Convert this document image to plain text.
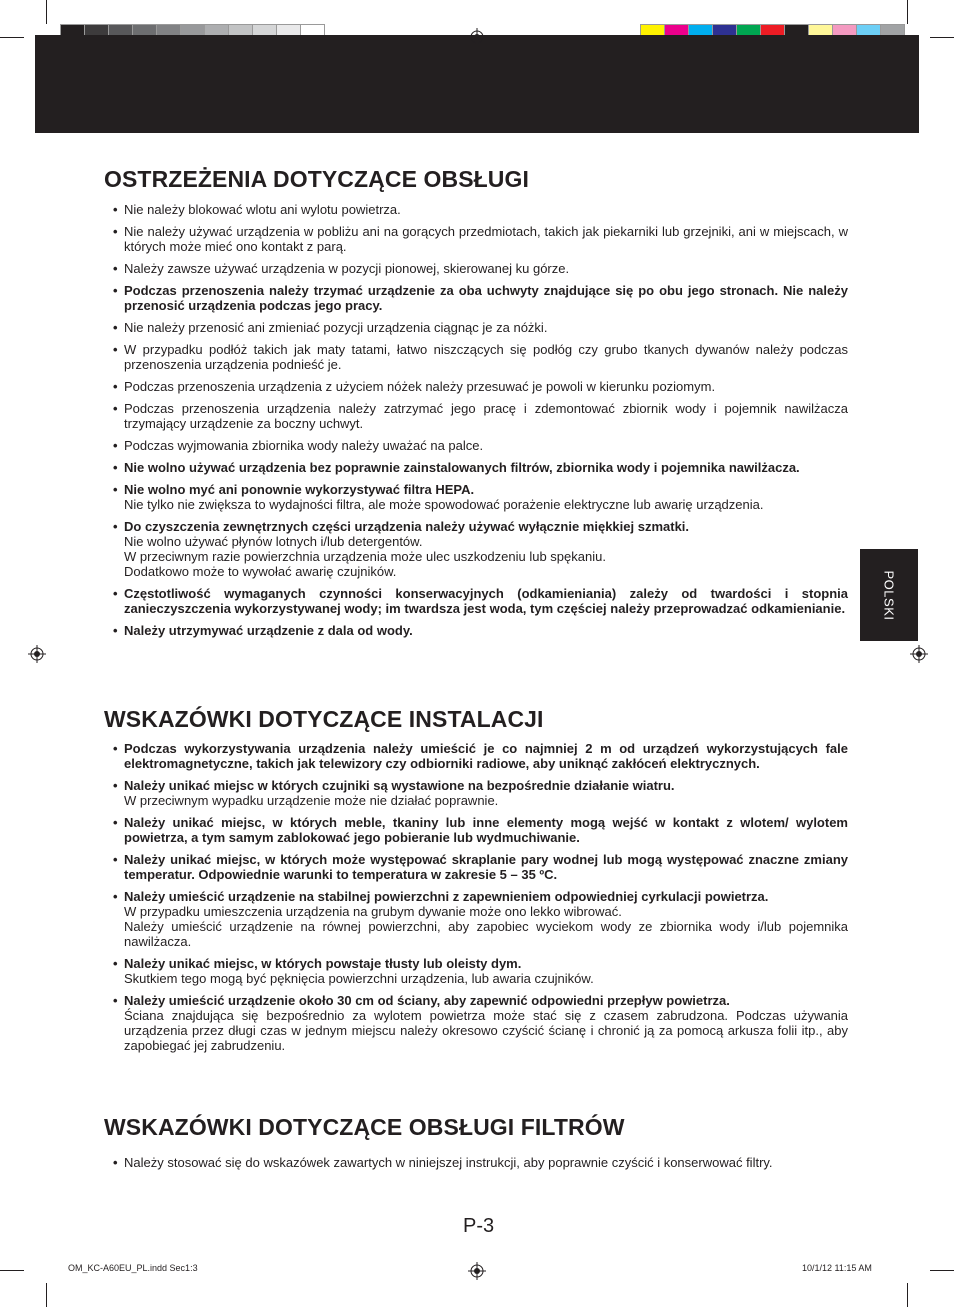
POLSKI
OSTRZEŻENIA DOTYCZĄCE OBSŁUGI
• Nie należy blokować wlotu ani wylotu powietrza.
• Nie należy używać urządzenia w pobliżu ani na gorących przedmiotach, takich jak piekarniki lub grzejniki, ani w miejscach, w których może mieć ono kontakt z parą.
• Należy zawsze używać urządzenia w pozycji pionowej, skierowanej ku górze.
• Podczas przenoszenia należy trzymać urządzenie za oba uchwyty znajdujące się po obu jego stronach. Nie należy przenosić urządzenia podczas jego pracy.
• Nie należy przenosić ani zmieniać pozycji urządzenia ciągnąc je za nóżki.
• W przypadku podłóż takich jak maty tatami, łatwo niszczących się podłóg czy grubo tkanych dywanów należy podczas przenoszenia urządzenia podnieść je.
• Podczas przenoszenia urządzenia z użyciem nóżek należy przesuwać je powoli w kierunku poziomym.
• Podczas przenoszenia urządzenia należy zatrzymać jego pracę i zdemontować zbiornik wody i pojemnik nawilżacza trzymający urządzenie za boczny uchwyt.
• Podczas wyjmowania zbiornika wody należy uważać na palce.
• Nie wolno używać urządzenia bez poprawnie zainstalowanych filtrów, zbiornika wody i pojemnika nawilżacza.
• Nie wolno myć ani ponownie wykorzystywać filtra HEPA.
Nie tylko nie zwiększa to wydajności filtra, ale może spowodować porażenie elektryczne lub awarię urządzenia.
• Do czyszczenia zewnętrznych części urządzenia należy używać wyłącznie miękkiej szmatki.
Nie wolno używać płynów lotnych i/lub detergentów.
W przeciwnym razie powierzchnia urządzenia może ulec uszkodzeniu lub spękaniu.
Dodatkowo może to wywołać awarię czujników.
• Częstotliwość wymaganych czynności konserwacyjnych (odkamieniania) zależy od twardości i stopnia zanieczyszczenia wykorzystywanej wody; im twardsza jest woda, tym częściej należy przeprowadzać odkamienianie.
• Należy utrzymywać urządzenie z dala od wody.
WSKAZÓWKI DOTYCZĄCE INSTALACJI
• Podczas wykorzystywania urządzenia należy umieścić je co najmniej 2 m od urządzeń wykorzystujących fale elektromagnetyczne, takich jak telewizory czy odbiorniki radiowe, aby uniknąć zakłóceń elektrycznych.
• Należy unikać miejsc w których czujniki są wystawione na bezpośrednie działanie wiatru.
W przeciwnym wypadku urządzenie może nie działać poprawnie.
• Należy unikać miejsc, w których meble, tkaniny lub inne elementy mogą wejść w kontakt z wlotem/ wylotem powietrza, a tym samym zablokować jego pobieranie lub wydmuchiwanie.
• Należy unikać miejsc, w których może występować skraplanie pary wodnej lub mogą występować znaczne zmiany temperatur. Odpowiednie warunki to temperatura w zakresie 5 – 35 ºC.
• Należy umieścić urządzenie na stabilnej powierzchni z zapewnieniem odpowiedniej cyrkulacji powietrza.
W przypadku umieszczenia urządzenia na grubym dywanie może ono lekko wibrować.
Należy umieścić urządzenie na równej powierzchni, aby zapobiec wyciekom wody ze zbiornika wody i/lub pojemnika nawilżacza.
• Należy unikać miejsc, w których powstaje tłusty lub oleisty dym.
Skutkiem tego mogą być pęknięcia powierzchni urządzenia, lub awaria czujników.
• Należy umieścić urządzenie około 30 cm od ściany, aby zapewnić odpowiedni przepływ powietrza.
Ściana znajdująca się bezpośrednio za wylotem powietrza może stać się z czasem zabrudzona. Podczas używania urządzenia przez długi czas w jednym miejscu należy okresowo czyścić ścianę i chronić ją za pomocą arkusza folii itp., aby zapobiegać jej zabrudzeniu.
WSKAZÓWKI DOTYCZĄCE OBSŁUGI FILTRÓW
• Należy stosować się do wskazówek zawartych w niniejszej instrukcji, aby poprawnie czyścić i konserwować filtry.
P-3
OM_KC-A60EU_PL.indd Sec1:3	10/1/12 11:15 AM
